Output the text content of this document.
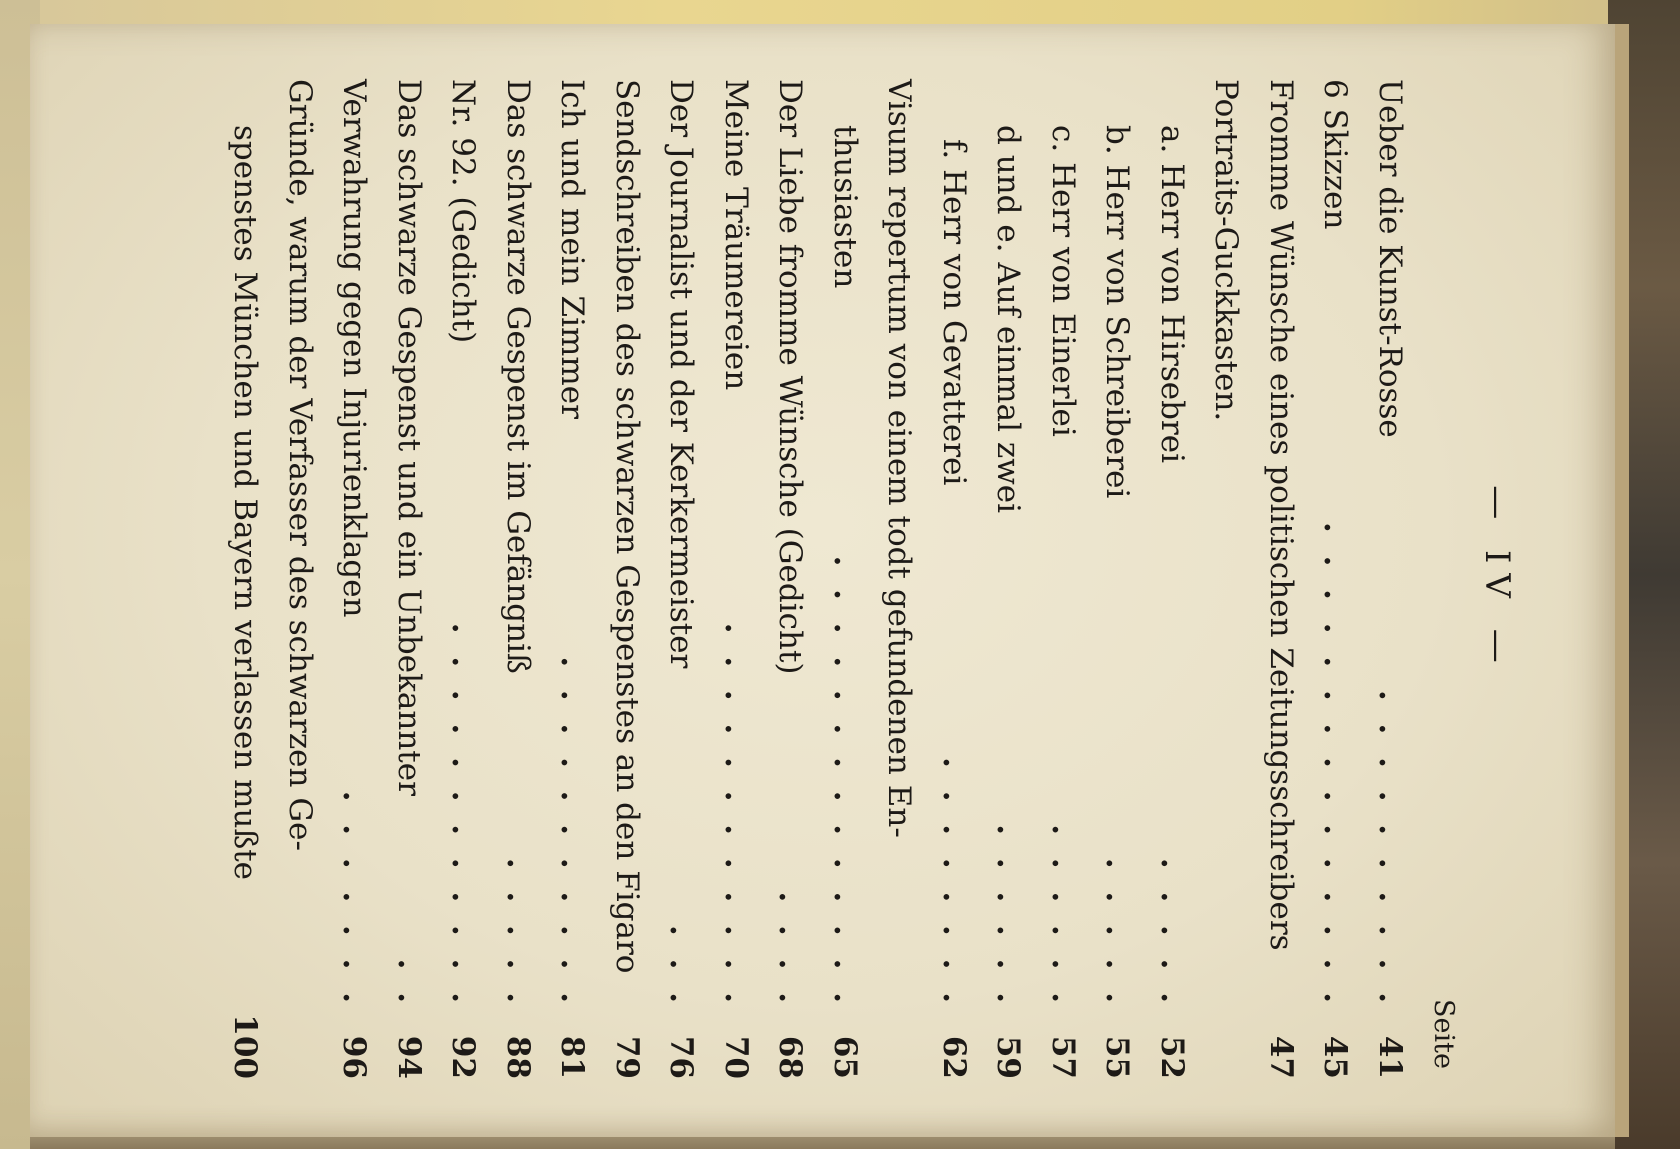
— IV —
Seite
Ueber die Kunst-Rosse
. . . . . . . . . .
41
6 Skizzen
. . . . . . . . . . . . . . .
45
Fromme Wünsche eines politischen Zeitungsschreibers
47
Portraits-Guckkasten.
a. Herr von Hirsebrei
. . . . .
52
b. Herr von Schreiberei
. . . . .
55
c. Herr von Einerlei
. . . . . .
57
d und e. Auf einmal zwei
. . . . . .
59
f. Herr von Gevatterei
. . . . . . . .
62
Visum repertum von einem todt gefundenen En-
thusiasten
. . . . . . . . . . . . . .
65
Der Liebe fromme Wünsche (Gedicht)
. . . .
68
Meine Träumereien
. . . . . . . . . . . .
70
Der Journalist und der Kerkermeister
. . .
76
Sendschreiben des schwarzen Gespenstes an den Figaro
79
Ich und mein Zimmer
. . . . . . . . . . .
81
Das schwarze Gespenst im Gefängniß
. . . . .
88
Nr. 92. (Gedicht)
. . . . . . . . . . . .
92
Das schwarze Gespenst und ein Unbekannter
. .
94
Verwahrung gegen Injurienklagen
. . . . . . .
96
Gründe, warum der Verfasser des schwarzen Ge-
spenstes München und Bayern verlassen mußte
100
